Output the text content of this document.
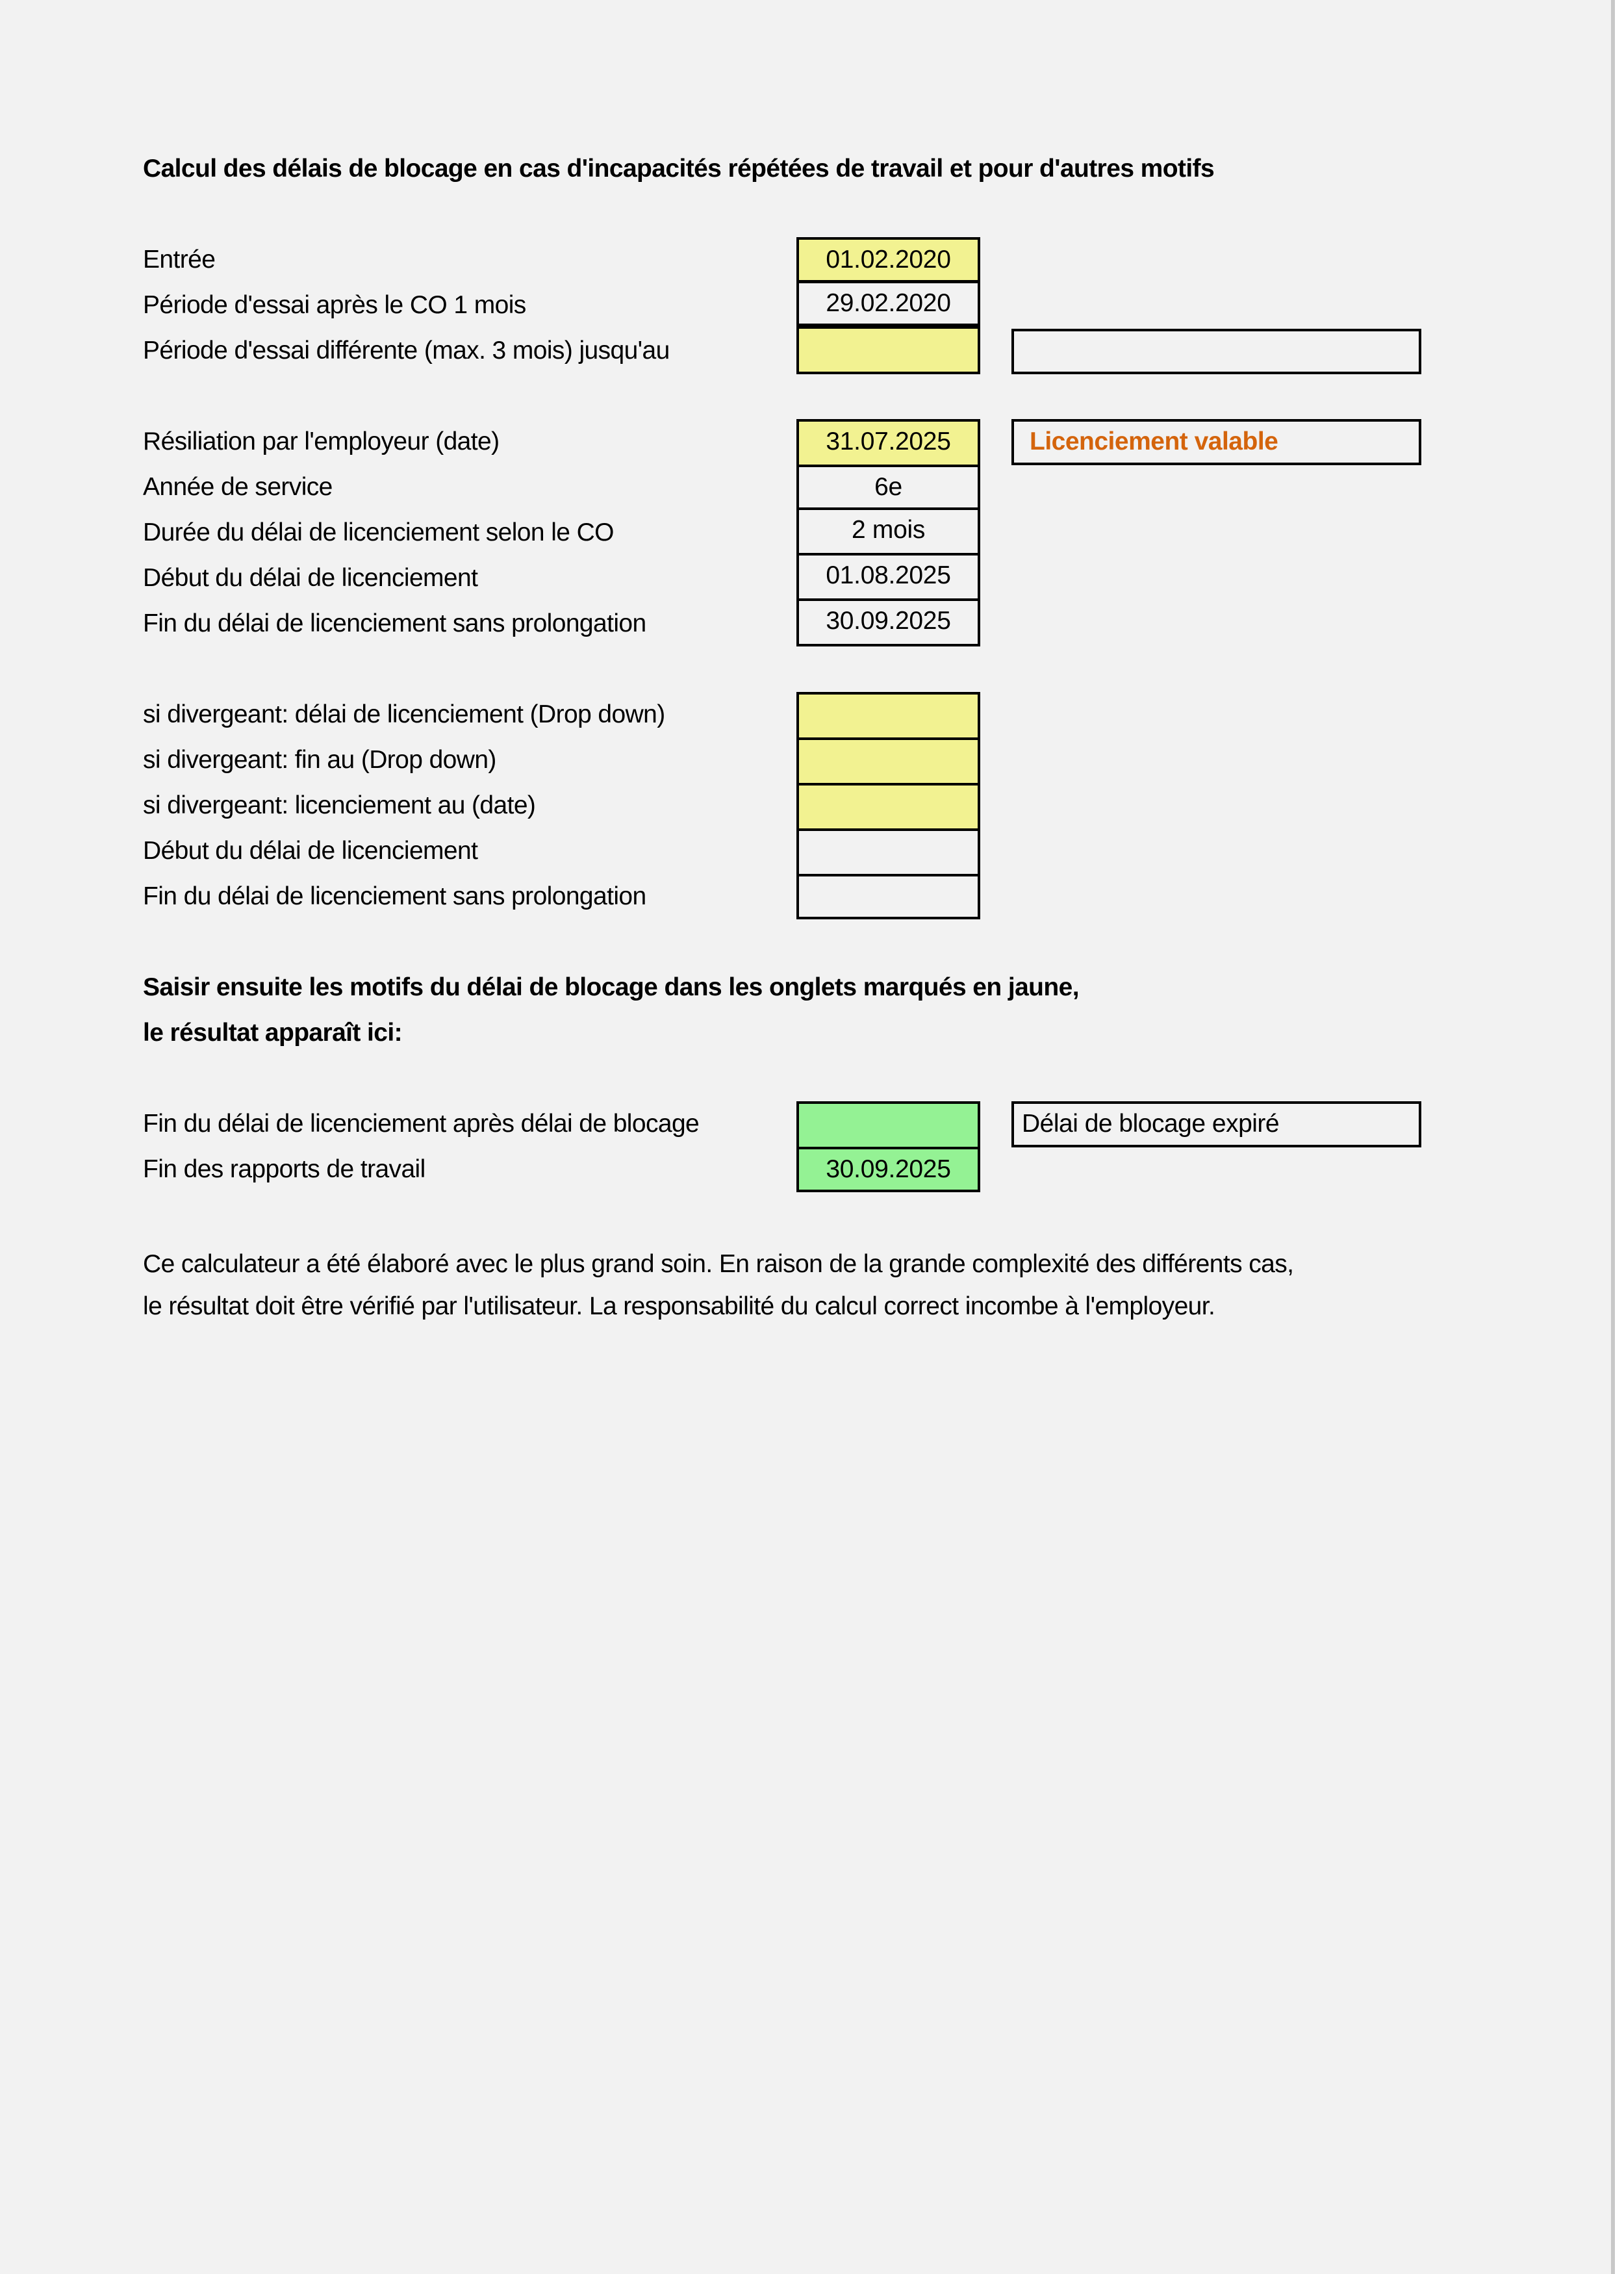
Calcul des délais de blocage en cas d'incapacités répétées de travail et pour d'autres motifs
Entrée
Période d'essai après le CO 1 mois
Période d'essai différente (max. 3 mois) jusqu'au
01.02.2020
29.02.2020
Résiliation par l'employeur (date)
Année de service
Durée du délai de licenciement selon le CO
Début du délai de licenciement
Fin du délai de licenciement sans prolongation
31.07.2025
6e
2 mois
01.08.2025
30.09.2025
Licenciement valable
si divergeant: délai de licenciement (Drop down)
si divergeant: fin au (Drop down)
si divergeant: licenciement au (date)
Début du délai de licenciement
Fin du délai de licenciement sans prolongation
Saisir ensuite les motifs du délai de blocage dans les onglets marqués en jaune,
le résultat apparaît ici:
Fin du délai de licenciement après délai de blocage
Fin des rapports de travail	30.09.2025
Délai de blocage expiré
Ce calculateur a été élaboré avec le plus grand soin. En raison de la grande complexité des différents cas,
le résultat doit être vérifié par l'utilisateur. La responsabilité du calcul correct incombe à l'employeur.
